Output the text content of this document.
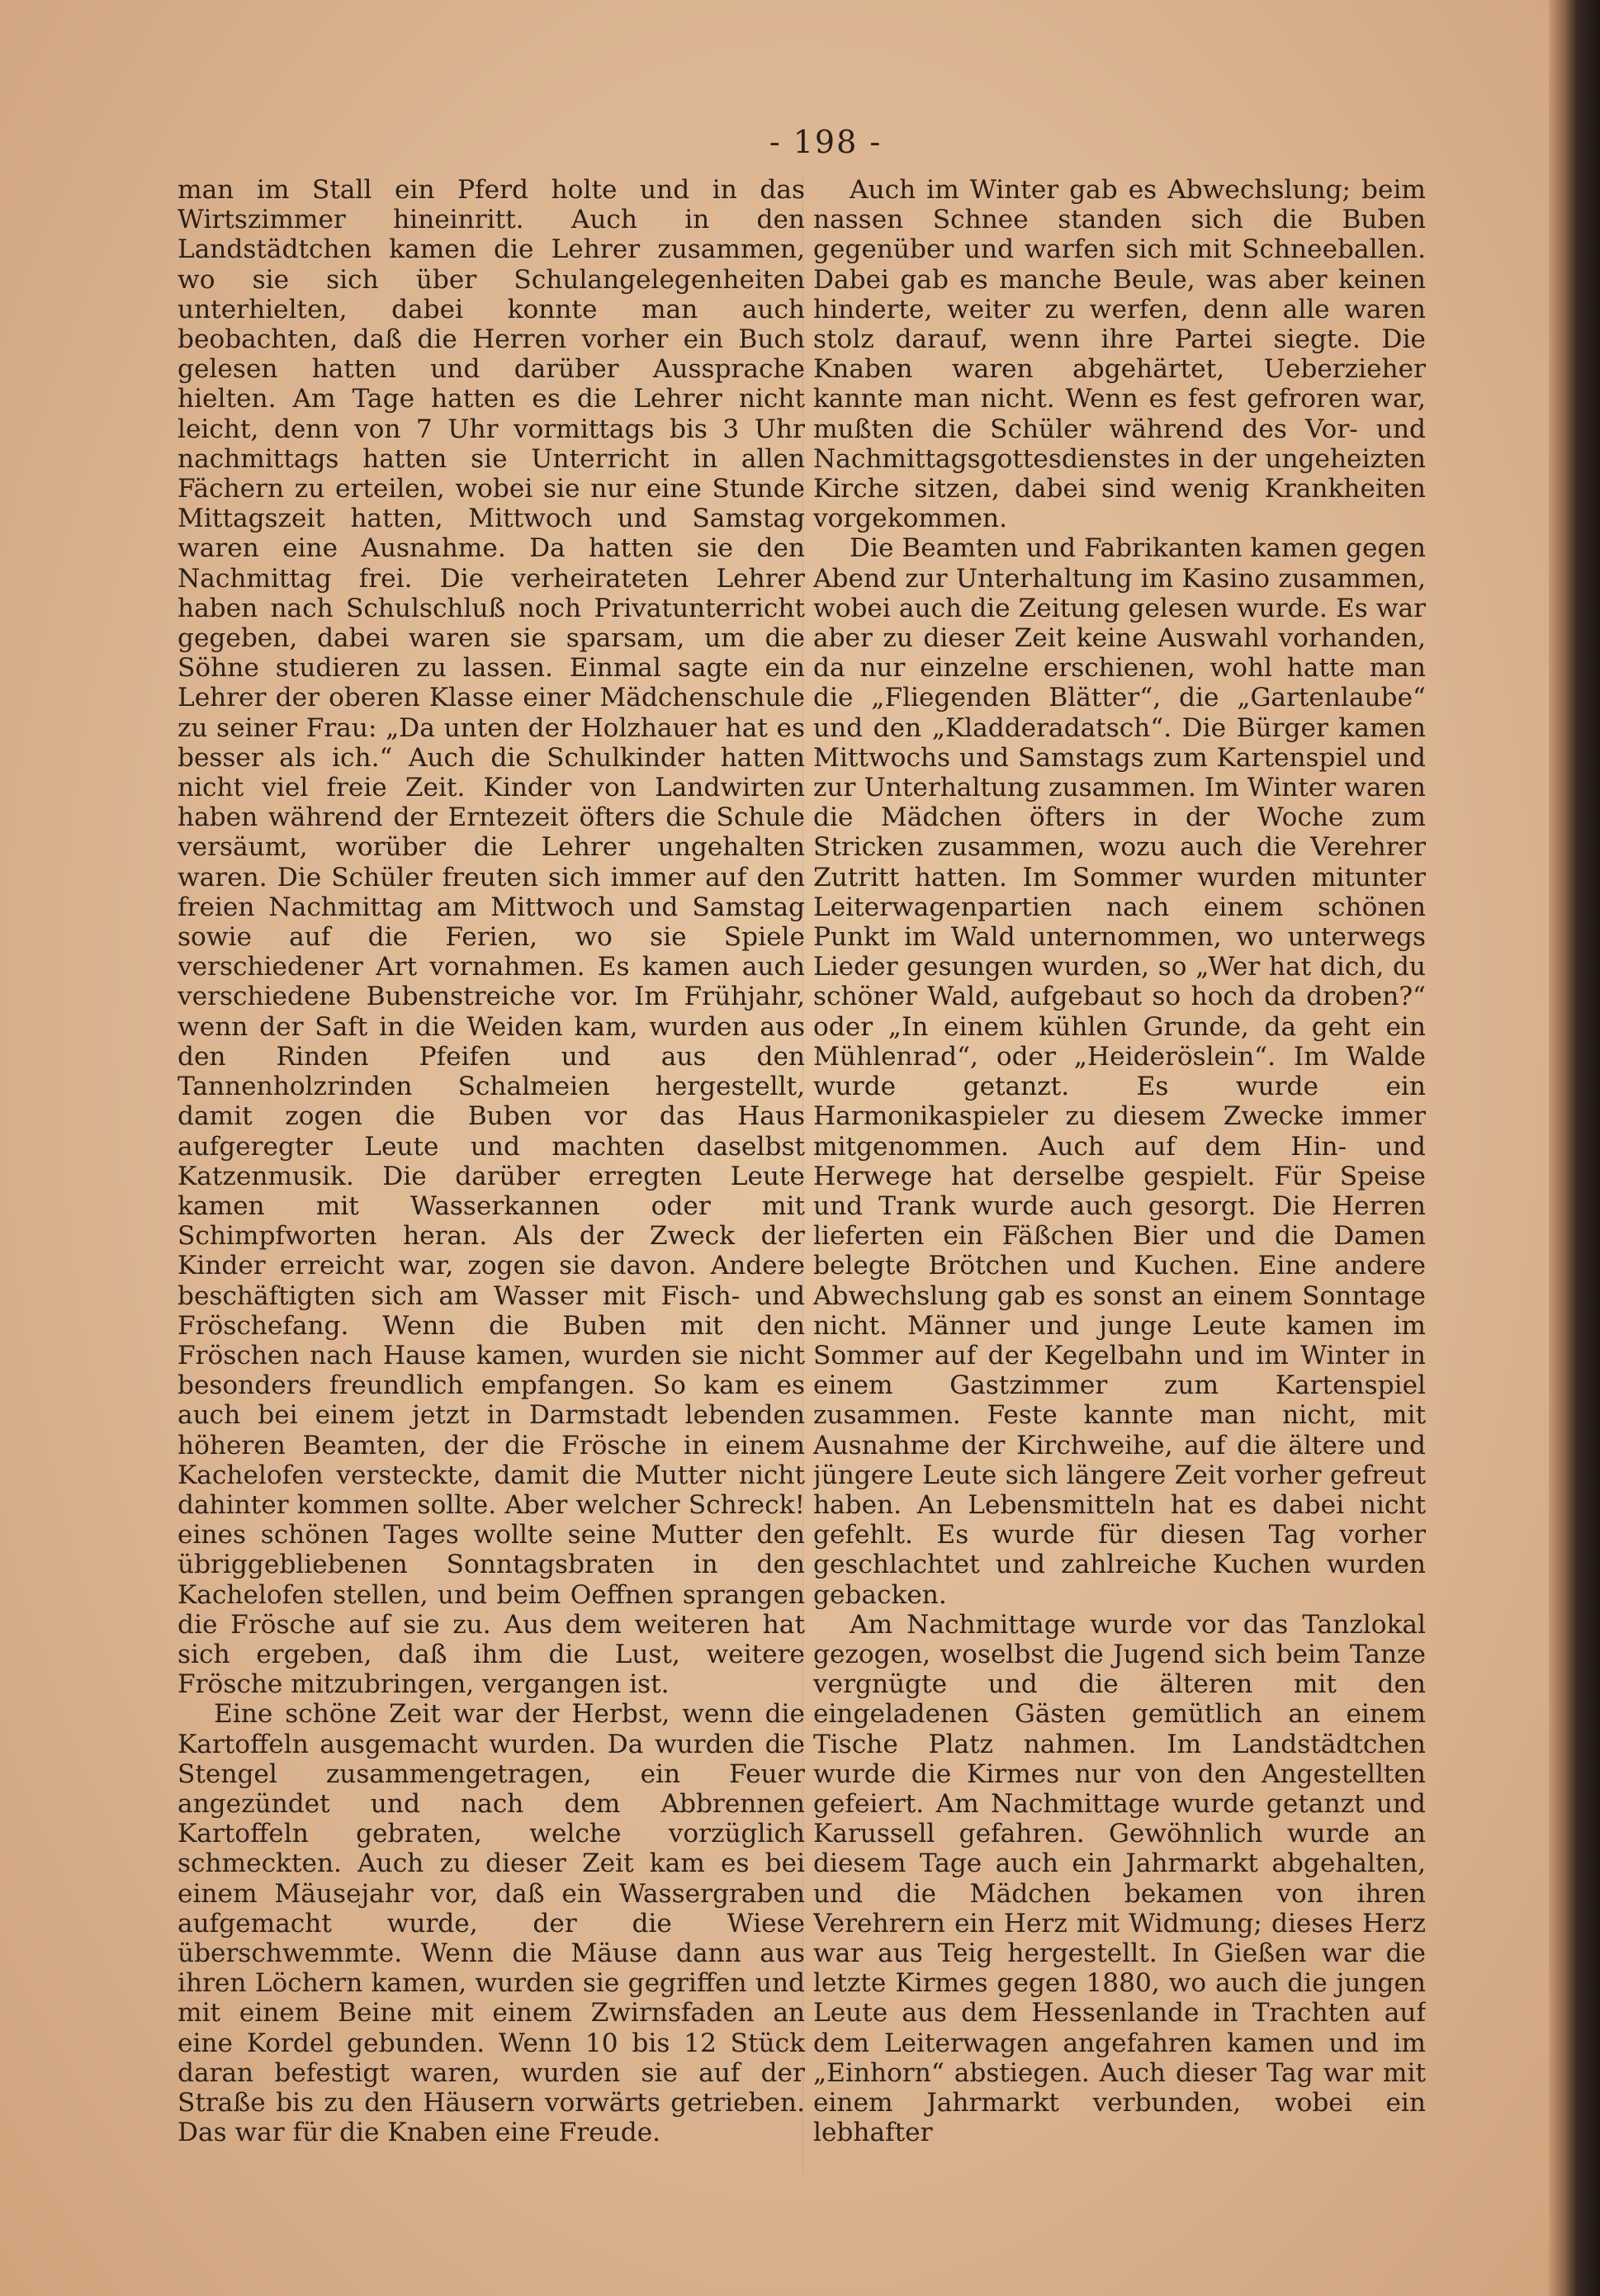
- 198 -

man im Stall ein Pferd holte und in das Wirtszimmer hineinritt. Auch in den Landstädtchen kamen die Lehrer zusammen, wo sie sich über Schulangelegenheiten unterhielten, dabei konnte man auch beobachten, daß die Herren vorher ein Buch gelesen hatten und darüber Aussprache hielten. Am Tage hatten es die Lehrer nicht leicht, denn von 7 Uhr vormittags bis 3 Uhr nachmittags hatten sie Unterricht in allen Fächern zu erteilen, wobei sie nur eine Stunde Mittagszeit hatten, Mittwoch und Samstag waren eine Ausnahme. Da hatten sie den Nachmittag frei. Die verheirateten Lehrer haben nach Schulschluß noch Privatunterricht gegeben, dabei waren sie sparsam, um die Söhne studieren zu lassen. Einmal sagte ein Lehrer der oberen Klasse einer Mädchenschule zu seiner Frau: „Da unten der Holzhauer hat es besser als ich.“ Auch die Schulkinder hatten nicht viel freie Zeit. Kinder von Landwirten haben während der Erntezeit öfters die Schule versäumt, worüber die Lehrer ungehalten waren. Die Schüler freuten sich immer auf den freien Nachmittag am Mittwoch und Samstag sowie auf die Ferien, wo sie Spiele verschiedener Art vornahmen. Es kamen auch verschiedene Bubenstreiche vor. Im Frühjahr, wenn der Saft in die Weiden kam, wurden aus den Rinden Pfeifen und aus den Tannenholzrinden Schalmeien hergestellt, damit zogen die Buben vor das Haus aufgeregter Leute und machten daselbst Katzenmusik. Die darüber erregten Leute kamen mit Wasserkannen oder mit Schimpfworten heran. Als der Zweck der Kinder erreicht war, zogen sie davon. Andere beschäftigten sich am Wasser mit Fisch- und Fröschefang. Wenn die Buben mit den Fröschen nach Hause kamen, wurden sie nicht besonders freundlich empfangen. So kam es auch bei einem jetzt in Darmstadt lebenden höheren Beamten, der die Frösche in einem Kachelofen versteckte, damit die Mutter nicht dahinter kommen sollte. Aber welcher Schreck! eines schönen Tages wollte seine Mutter den übriggebliebenen Sonntagsbraten in den Kachelofen stellen, und beim Oeffnen sprangen die Frösche auf sie zu. Aus dem weiteren hat sich ergeben, daß ihm die Lust, weitere Frösche mitzubringen, vergangen ist.

Eine schöne Zeit war der Herbst, wenn die Kartoffeln ausgemacht wurden. Da wurden die Stengel zusammengetragen, ein Feuer angezündet und nach dem Abbrennen Kartoffeln gebraten, welche vorzüglich schmeckten. Auch zu dieser Zeit kam es bei einem Mäusejahr vor, daß ein Wassergraben aufgemacht wurde, der die Wiese überschwemmte. Wenn die Mäuse dann aus ihren Löchern kamen, wurden sie gegriffen und mit einem Beine mit einem Zwirnsfaden an eine Kordel gebunden. Wenn 10 bis 12 Stück daran befestigt waren, wurden sie auf der Straße bis zu den Häusern vorwärts getrieben. Das war für die Knaben eine Freude.

Auch im Winter gab es Abwechslung; beim nassen Schnee standen sich die Buben gegenüber und warfen sich mit Schneeballen. Dabei gab es manche Beule, was aber keinen hinderte, weiter zu werfen, denn alle waren stolz darauf, wenn ihre Partei siegte. Die Knaben waren abgehärtet, Ueberzieher kannte man nicht. Wenn es fest gefroren war, mußten die Schüler während des Vor- und Nachmittagsgottesdienstes in der ungeheizten Kirche sitzen, dabei sind wenig Krankheiten vorgekommen.

Die Beamten und Fabrikanten kamen gegen Abend zur Unterhaltung im Kasino zusammen, wobei auch die Zeitung gelesen wurde. Es war aber zu dieser Zeit keine Auswahl vorhanden, da nur einzelne erschienen, wohl hatte man die „Fliegenden Blätter“, die „Gartenlaube“ und den „Kladderadatsch“. Die Bürger kamen Mittwochs und Samstags zum Kartenspiel und zur Unterhaltung zusammen. Im Winter waren die Mädchen öfters in der Woche zum Stricken zusammen, wozu auch die Verehrer Zutritt hatten. Im Sommer wurden mitunter Leiterwagenpartien nach einem schönen Punkt im Wald unternommen, wo unterwegs Lieder gesungen wurden, so „Wer hat dich, du schöner Wald, aufgebaut so hoch da droben?“ oder „In einem kühlen Grunde, da geht ein Mühlenrad“, oder „Heideröslein“. Im Walde wurde getanzt. Es wurde ein Harmonikaspieler zu diesem Zwecke immer mitgenommen. Auch auf dem Hin- und Herwege hat derselbe gespielt. Für Speise und Trank wurde auch gesorgt. Die Herren lieferten ein Fäßchen Bier und die Damen belegte Brötchen und Kuchen. Eine andere Abwechslung gab es sonst an einem Sonntage nicht. Männer und junge Leute kamen im Sommer auf der Kegelbahn und im Winter in einem Gastzimmer zum Kartenspiel zusammen. Feste kannte man nicht, mit Ausnahme der Kirchweihe, auf die ältere und jüngere Leute sich längere Zeit vorher gefreut haben. An Lebensmitteln hat es dabei nicht gefehlt. Es wurde für diesen Tag vorher geschlachtet und zahlreiche Kuchen wurden gebacken.

Am Nachmittage wurde vor das Tanzlokal gezogen, woselbst die Jugend sich beim Tanze vergnügte und die älteren mit den eingeladenen Gästen gemütlich an einem Tische Platz nahmen. Im Landstädtchen wurde die Kirmes nur von den Angestellten gefeiert. Am Nachmittage wurde getanzt und Karussell gefahren. Gewöhnlich wurde an diesem Tage auch ein Jahrmarkt abgehalten, und die Mädchen bekamen von ihren Verehrern ein Herz mit Widmung; dieses Herz war aus Teig hergestellt. In Gießen war die letzte Kirmes gegen 1880, wo auch die jungen Leute aus dem Hessenlande in Trachten auf dem Leiterwagen angefahren kamen und im „Einhorn“ abstiegen. Auch dieser Tag war mit einem Jahrmarkt verbunden, wobei ein lebhafter
